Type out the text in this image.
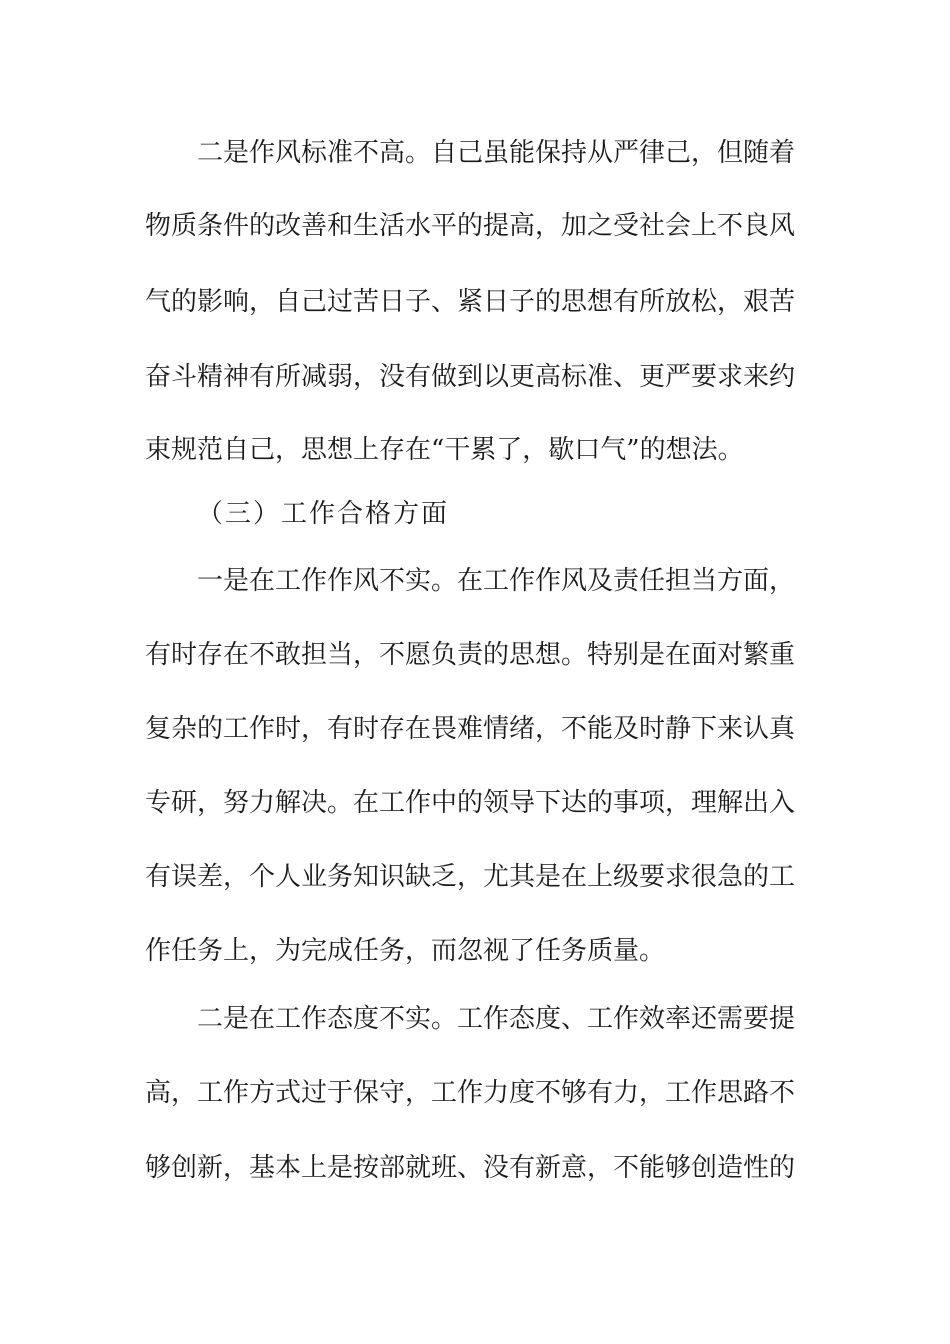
二是作风标准不高。自己虽能保持从严律己，但随着
物质条件的改善和生活水平的提高，加之受社会上不良风
气的影响，自己过苦日子、紧日子的思想有所放松，艰苦
奋斗精神有所减弱，没有做到以更高标准、更严要求来约
束规范自己，思想上存在“干累了，歇口气”的想法。
（三）工作合格方面
一是在工作作风不实。在工作作风及责任担当方面，
有时存在不敢担当，不愿负责的思想。特别是在面对繁重
复杂的工作时，有时存在畏难情绪，不能及时静下来认真
专研，努力解决。在工作中的领导下达的事项，理解出入
有误差，个人业务知识缺乏，尤其是在上级要求很急的工
作任务上，为完成任务，而忽视了任务质量。
二是在工作态度不实。工作态度、工作效率还需要提
高，工作方式过于保守，工作力度不够有力，工作思路不
够创新，基本上是按部就班、没有新意，不能够创造性的
